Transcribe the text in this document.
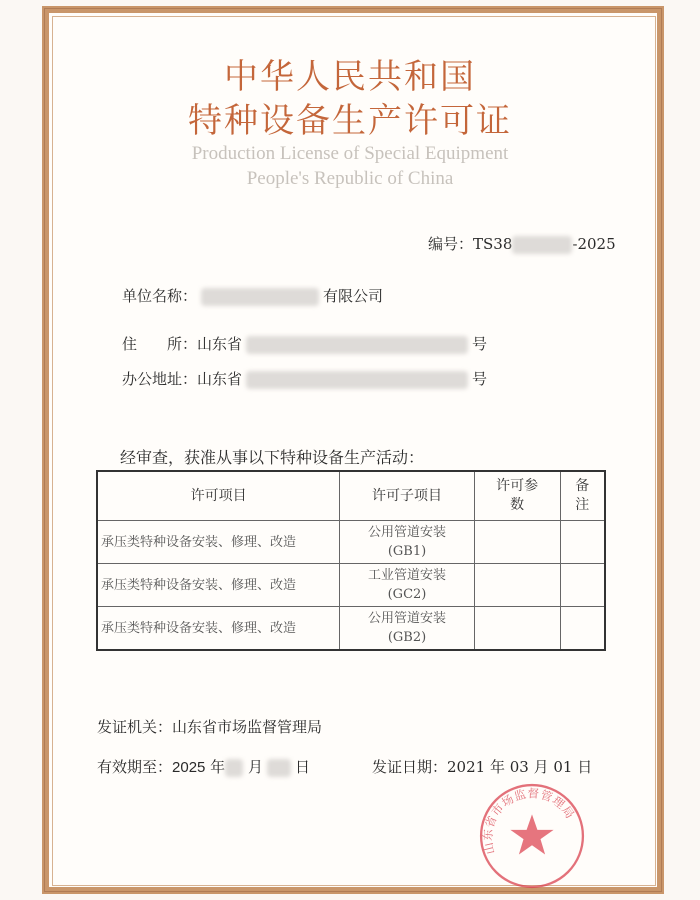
中华人民共和国
特种设备生产许可证
Production License of Special Equipment
People's Republic of China
编号：TS38	-2025
单位名称：	有限公司
住　　所：山东省	号
办公地址：山东省	号
经审查，获准从事以下特种设备生产活动：
许可项目	许可子项目	许可参数	备注
承压类特种设备安装、修理、改造	公用管道安装
(GB1)		

承压类特种设备安装、修理、改造	工业管道安装
(GC2)		

承压类特种设备安装、修理、改造	公用管道安装
(GB2)		

发证机关：山东省市场监督管理局
有效期至：2025 年 月 日	发证日期：2021 年 03 月 01 日
山东省市场监督管理局
